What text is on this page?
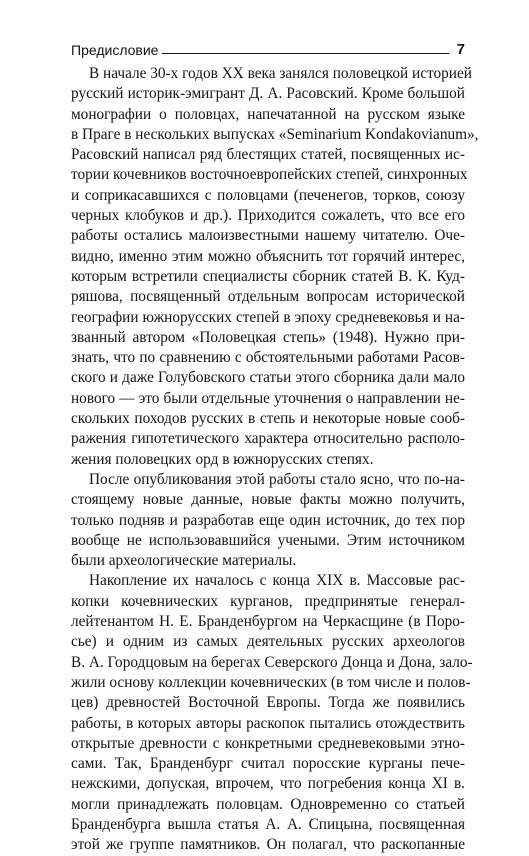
Предисловие	7
В начале 30-х годов XX века занялся половецкой историей
русский историк-эмигрант Д. А. Расовский. Кроме большой
монографии о половцах, напечатанной на русском языке
в Праге в нескольких выпусках «Seminarium Kondakovianum»,
Расовский написал ряд блестящих статей, посвященных ис-
тории кочевников восточноевропейских степей, синхронных
и соприкасавшихся с половцами (печенегов, торков, союзу
черных клобуков и др.). Приходится сожалеть, что все его
работы остались малоизвестными нашему читателю. Оче-
видно, именно этим можно объяснить тот горячий интерес,
которым встретили специалисты сборник статей В. К. Куд-
ряшова, посвященный отдельным вопросам исторической
географии южнорусских степей в эпоху средневековья и на-
званный автором «Половецкая степь» (1948). Нужно при-
знать, что по сравнению с обстоятельными работами Расов-
ского и даже Голубовского статьи этого сборника дали мало
нового — это были отдельные уточнения о направлении не-
скольких походов русских в степь и некоторые новые сооб-
ражения гипотетического характера относительно располо-
жения половецких орд в южнорусских степях.
После опубликования этой работы стало ясно, что по-на-
стоящему новые данные, новые факты можно получить,
только подняв и разработав еще один источник, до тех пор
вообще не использовавшийся учеными. Этим источником
были археологические материалы.
Накопление их началось с конца XIX в. Массовые рас-
копки кочевнических курганов, предпринятые генерал-
лейтенантом Н. Е. Бранденбургом на Черкасщине (в Поро-
сье) и одним из самых деятельных русских археологов
В. А. Городцовым на берегах Северского Донца и Дона, зало-
жили основу коллекции кочевнических (в том числе и полов-
цев) древностей Восточной Европы. Тогда же появились
работы, в которых авторы раскопок пытались отождествить
открытые древности с конкретными средневековыми этно-
сами. Так, Бранденбург считал поросские курганы пече-
нежскими, допуская, впрочем, что погребения конца XI в.
могли принадлежать половцам. Одновременно со статьей
Бранденбурга вышла статья А. А. Спицына, посвященная
этой же группе памятников. Он полагал, что раскопанные
